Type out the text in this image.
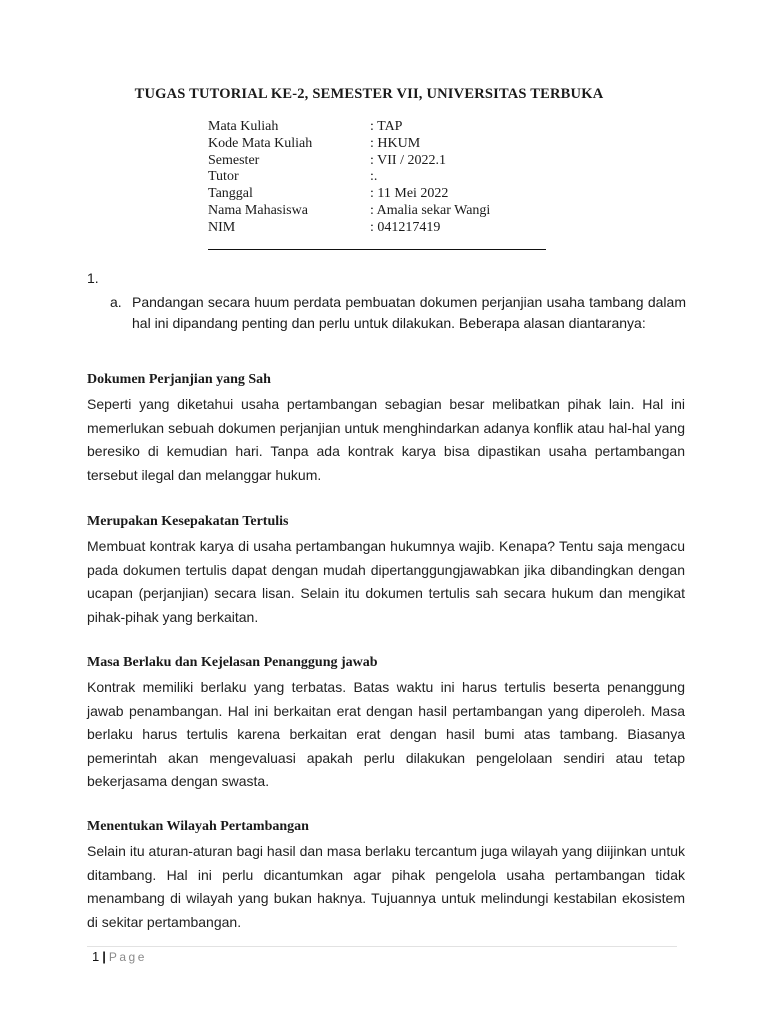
TUGAS TUTORIAL KE-2, SEMESTER VII, UNIVERSITAS TERBUKA
Mata Kuliah	: TAP
Kode Mata Kuliah	: HKUM
Semester	: VII / 2022.1
Tutor	:.
Tanggal	: 11 Mei 2022
Nama Mahasiswa	: Amalia sekar Wangi
NIM	: 041217419
1.
a. Pandangan secara huum perdata pembuatan dokumen perjanjian usaha tambang dalam hal ini dipandang penting dan perlu untuk dilakukan. Beberapa alasan diantaranya:
Dokumen Perjanjian yang Sah

Seperti yang diketahui usaha pertambangan sebagian besar melibatkan pihak lain. Hal ini memerlukan sebuah dokumen perjanjian untuk menghindarkan adanya konflik atau hal-hal yang beresiko di kemudian hari. Tanpa ada kontrak karya bisa dipastikan usaha pertambangan tersebut ilegal dan melanggar hukum.

Merupakan Kesepakatan Tertulis

Membuat kontrak karya di usaha pertambangan hukumnya wajib. Kenapa? Tentu saja mengacu pada dokumen tertulis dapat dengan mudah dipertanggungjawabkan jika dibandingkan dengan ucapan (perjanjian) secara lisan. Selain itu dokumen tertulis sah secara hukum dan mengikat pihak-pihak yang berkaitan.

Masa Berlaku dan Kejelasan Penanggung jawab

Kontrak memiliki berlaku yang terbatas. Batas waktu ini harus tertulis beserta penanggung jawab penambangan. Hal ini berkaitan erat dengan hasil pertambangan yang diperoleh. Masa berlaku harus tertulis karena berkaitan erat dengan hasil bumi atas tambang. Biasanya pemerintah akan mengevaluasi apakah perlu dilakukan pengelolaan sendiri atau tetap bekerjasama dengan swasta.

Menentukan Wilayah Pertambangan

Selain itu aturan-aturan bagi hasil dan masa berlaku tercantum juga wilayah yang diijinkan untuk ditambang. Hal ini perlu dicantumkan agar pihak pengelola usaha pertambangan tidak menambang di wilayah yang bukan haknya. Tujuannya untuk melindungi kestabilan ekosistem di sekitar pertambangan.

1 | Page
